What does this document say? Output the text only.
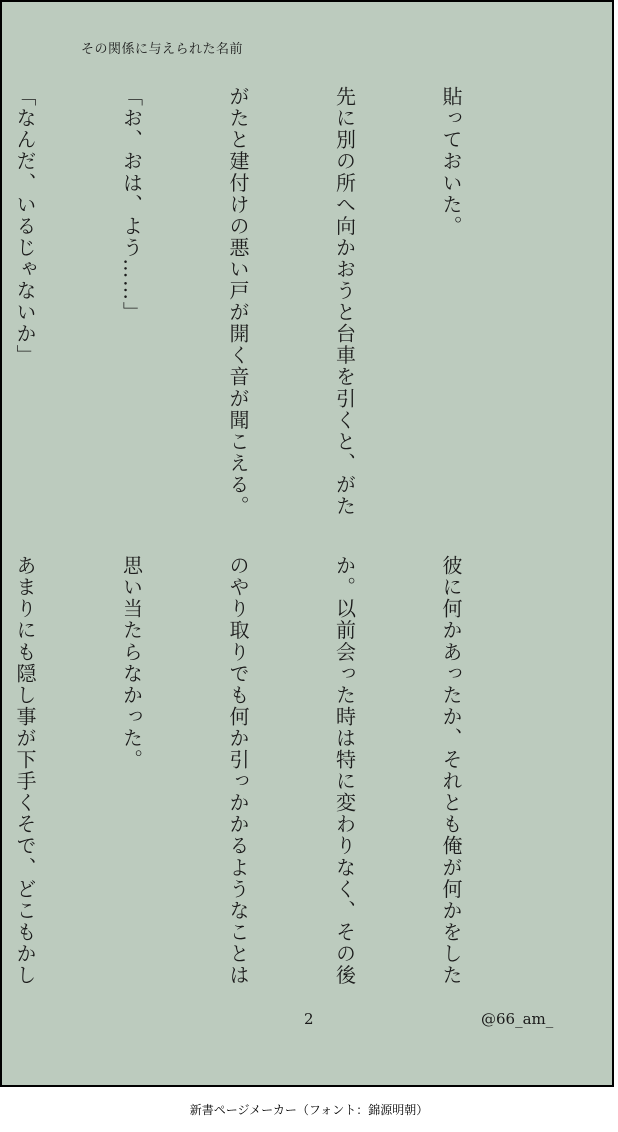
その関係に与えられた名前

貼っておいた。

先に別の所へ向かおうと台車を引くと、がた

がたと建付けの悪い戸が開く音が聞こえる。

「お、おは、よう……」

「なんだ、いるじゃないか」

彼に何かあったか、それとも俺が何かをした

か。以前会った時は特に変わりなく、その後

のやり取りでも何か引っかかるようなことは

思い当たらなかった。

あまりにも隠し事が下手くそで、どこもかし

2	@66_am_
新書ページメーカー（フォント：錦源明朝）
